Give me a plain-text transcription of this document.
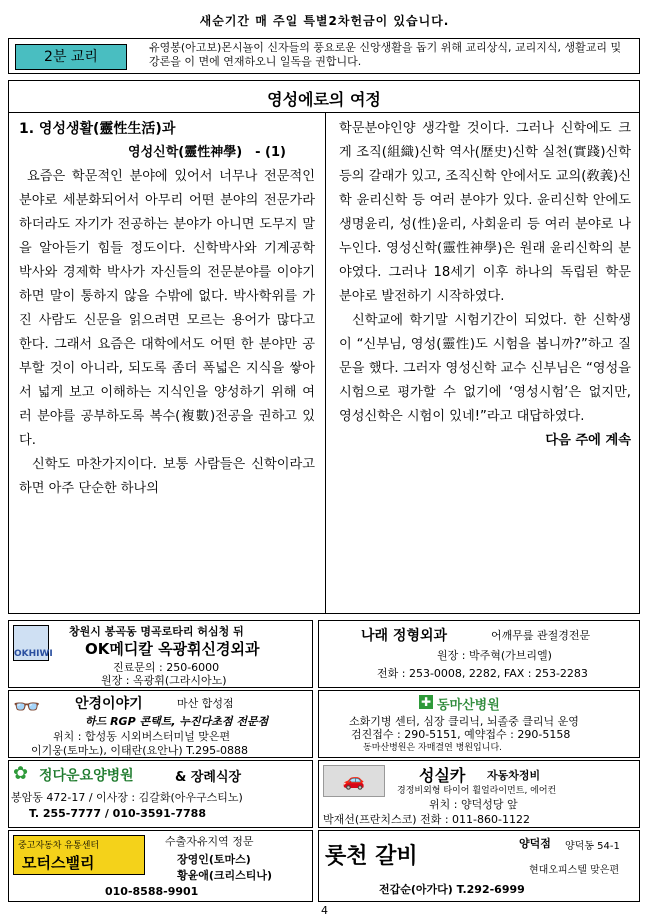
새순기간 매 주일 특별2차헌금이 있습니다.
2분 교리
유영봉(아고보)몬시뇰이 신자들의 풍요로운 신앙생활을 돕기 위해 교리상식, 교리지식, 생활교리 및 강론을 이 면에 연재하오니 일독을 권합니다.
영성에로의 여정

1. 영성생활(靈性生活)과

영성신학(靈性神學)　- (1)

요즘은 학문적인 분야에 있어서 너무나 전문적인 분야로 세분화되어서 아무리 어떤 분야의 전문가라 하더라도 자기가 전공하는 분야가 아니면 도무지 말을 알아듣기 힘들 정도이다. 신학박사와 기계공학 박사와 경제학 박사가 자신들의 전문분야를 이야기 하면 말이 통하지 않을 수밖에 없다. 박사학위를 가진 사람도 신문을 읽으려면 모르는 용어가 많다고 한다. 그래서 요즘은 대학에서도 어떤 한 분야만 공부할 것이 아니라, 되도록 좀더 폭넓은 지식을 쌓아서 넓게 보고 이해하는 지식인을 양성하기 위해 여러 분야를 공부하도록 복수(複數)전공을 권하고 있다.

신학도 마찬가지이다. 보통 사람들은 신학이라고 하면 아주 단순한 하나의

학문분야인양 생각할 것이다. 그러나 신학에도 크게 조직(組織)신학 역사(歷史)신학 실천(實踐)신학 등의 갈래가 있고, 조직신학 안에서도 교의(敎義)신학 윤리신학 등 여러 분야가 있다. 윤리신학 안에도 생명윤리, 성(性)윤리, 사회윤리 등 여러 분야로 나누인다. 영성신학(靈性神學)은 원래 윤리신학의 분야였다. 그러나 18세기 이후 하나의 독립된 학문 분야로 발전하기 시작하였다.

신학교에 학기말 시험기간이 되었다. 한 신학생이 “신부님, 영성(靈性)도 시험을 봅니까?”하고 질문을 했다. 그러자 영성신학 교수 신부님은 “영성을 시험으로 평가할 수 없기에 ‘영성시험’은 없지만, 영성신학은 시험이 있네!”라고 대답하였다.

다음 주에 계속

OKHIWI
창원시 봉곡동 명곡로타리 허심청 뒤
OK메디칼 옥광휘신경외과
진료문의 : 250-6000
원장 : 옥광휘(그라시아노)
나래 정형외과	어깨무릎 관절경전문
원장 : 박주혁(가브리엘)
전화 : 253-0008, 2282, FAX : 253-2283
👓	안경이야기	마산 합성점
하드 RGP 콘택트, 누진다초점 전문점
위치 : 합성동 시외버스터미널 맞은편
이기웅(토마노), 이태란(요안나) T.295-0888
✚ 동마산병원
소화기병 센터, 심장 클리닉, 뇌졸중 클리닉 운영
검진접수 : 290-5151, 예약접수 : 290-5158
동마산병원은 자매결연 병원입니다.
✿ 정다운요양병원	& 장례식장
봉암동 472-17 / 이사장 : 김갈화(아우구스티노)
T. 255-7777 / 010-3591-7788
🚗	성실카 자동차정비
경정비외형 타이어 휠얼라이먼트, 에어컨
위치 : 양덕성당 앞
박재선(프란치스코) 전화 : 011-860-1122
중고자동차 유통센터
모터스밸리
수출자유지역 정문
장영인(토마스)
황윤애(크리스티나)
010-8588-9901
롯천 갈비
양덕점 양덕동 54-1
현대오피스텔 맞은편
전갑순(아가다) T.292-6999
4
